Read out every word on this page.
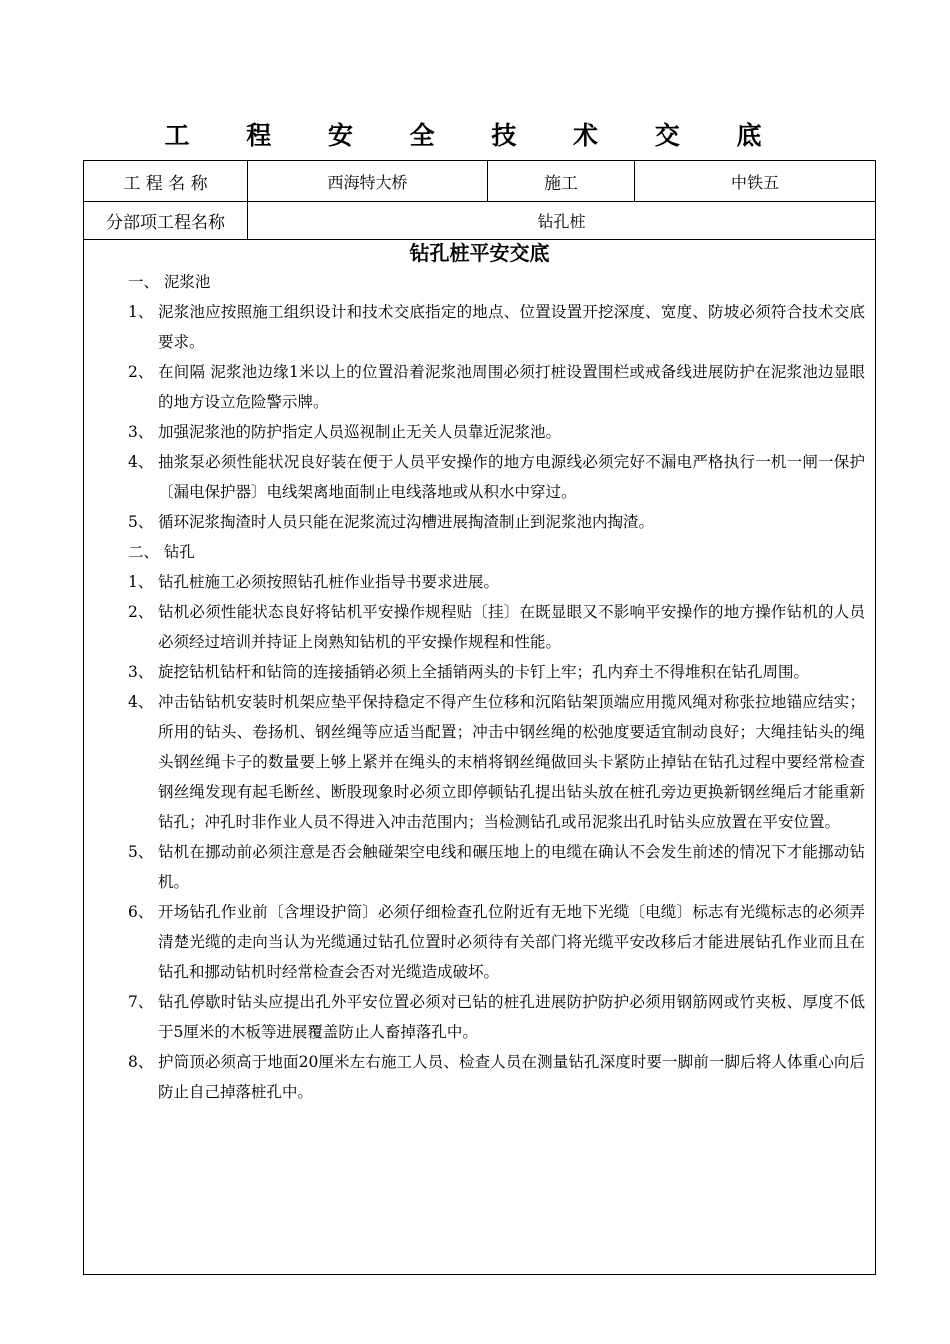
工 程 安 全 技 术 交 底
工 程 名 称	西海特大桥	施工	中铁五
分部项工程名称	钻孔桩
钻孔桩平安交底
一、 泥浆池
1、 泥浆池应按照施工组织设计和技术交底指定的地点、位置设置开挖深度、宽度、防坡必须符合技术交底要求。
2、 在间隔 泥浆池边缘1米以上的位置沿着泥浆池周围必须打桩设置围栏或戒备线进展防护在泥浆池边显眼的地方设立危险警示牌。
3、 加强泥浆池的防护指定人员巡视制止无关人员靠近泥浆池。
4、 抽浆泵必须性能状况良好装在便于人员平安操作的地方电源线必须完好不漏电严格执行一机一闸一保护〔漏电保护器〕电线架离地面制止电线落地或从积水中穿过。
5、 循环泥浆掏渣时人员只能在泥浆流过沟槽进展掏渣制止到泥浆池内掏渣。
二、 钻孔
1、 钻孔桩施工必须按照钻孔桩作业指导书要求进展。
2、 钻机必须性能状态良好将钻机平安操作规程贴〔挂〕在既显眼又不影响平安操作的地方操作钻机的人员必须经过培训并持证上岗熟知钻机的平安操作规程和性能。
3、 旋挖钻机钻杆和钻筒的连接插销必须上全插销两头的卡钉上牢；孔内弃土不得堆积在钻孔周围。
4、 冲击钻钻机安装时机架应垫平保持稳定不得产生位移和沉陷钻架顶端应用揽风绳对称张拉地锚应结实；所用的钻头、卷扬机、钢丝绳等应适当配置；冲击中钢丝绳的松弛度要适宜制动良好；大绳挂钻头的绳头钢丝绳卡子的数量要上够上紧并在绳头的末梢将钢丝绳做回头卡紧防止掉钻在钻孔过程中要经常检查钢丝绳发现有起毛断丝、断股现象时必须立即停顿钻孔提出钻头放在桩孔旁边更换新钢丝绳后才能重新钻孔；冲孔时非作业人员不得进入冲击范围内；当检测钻孔或吊泥浆出孔时钻头应放置在平安位置。
5、 钻机在挪动前必须注意是否会触碰架空电线和碾压地上的电缆在确认不会发生前述的情况下才能挪动钻机。
6、 开场钻孔作业前〔含埋设护筒〕必须仔细检查孔位附近有无地下光缆〔电缆〕标志有光缆标志的必须弄清楚光缆的走向当认为光缆通过钻孔位置时必须待有关部门将光缆平安改移后才能进展钻孔作业而且在钻孔和挪动钻机时经常检查会否对光缆造成破坏。
7、 钻孔停歇时钻头应提出孔外平安位置必须对已钻的桩孔进展防护防护必须用钢筋网或竹夹板、厚度不低于5厘米的木板等进展覆盖防止人畜掉落孔中。
8、 护筒顶必须高于地面20厘米左右施工人员、检查人员在测量钻孔深度时要一脚前一脚后将人体重心向后防止自己掉落桩孔中。
